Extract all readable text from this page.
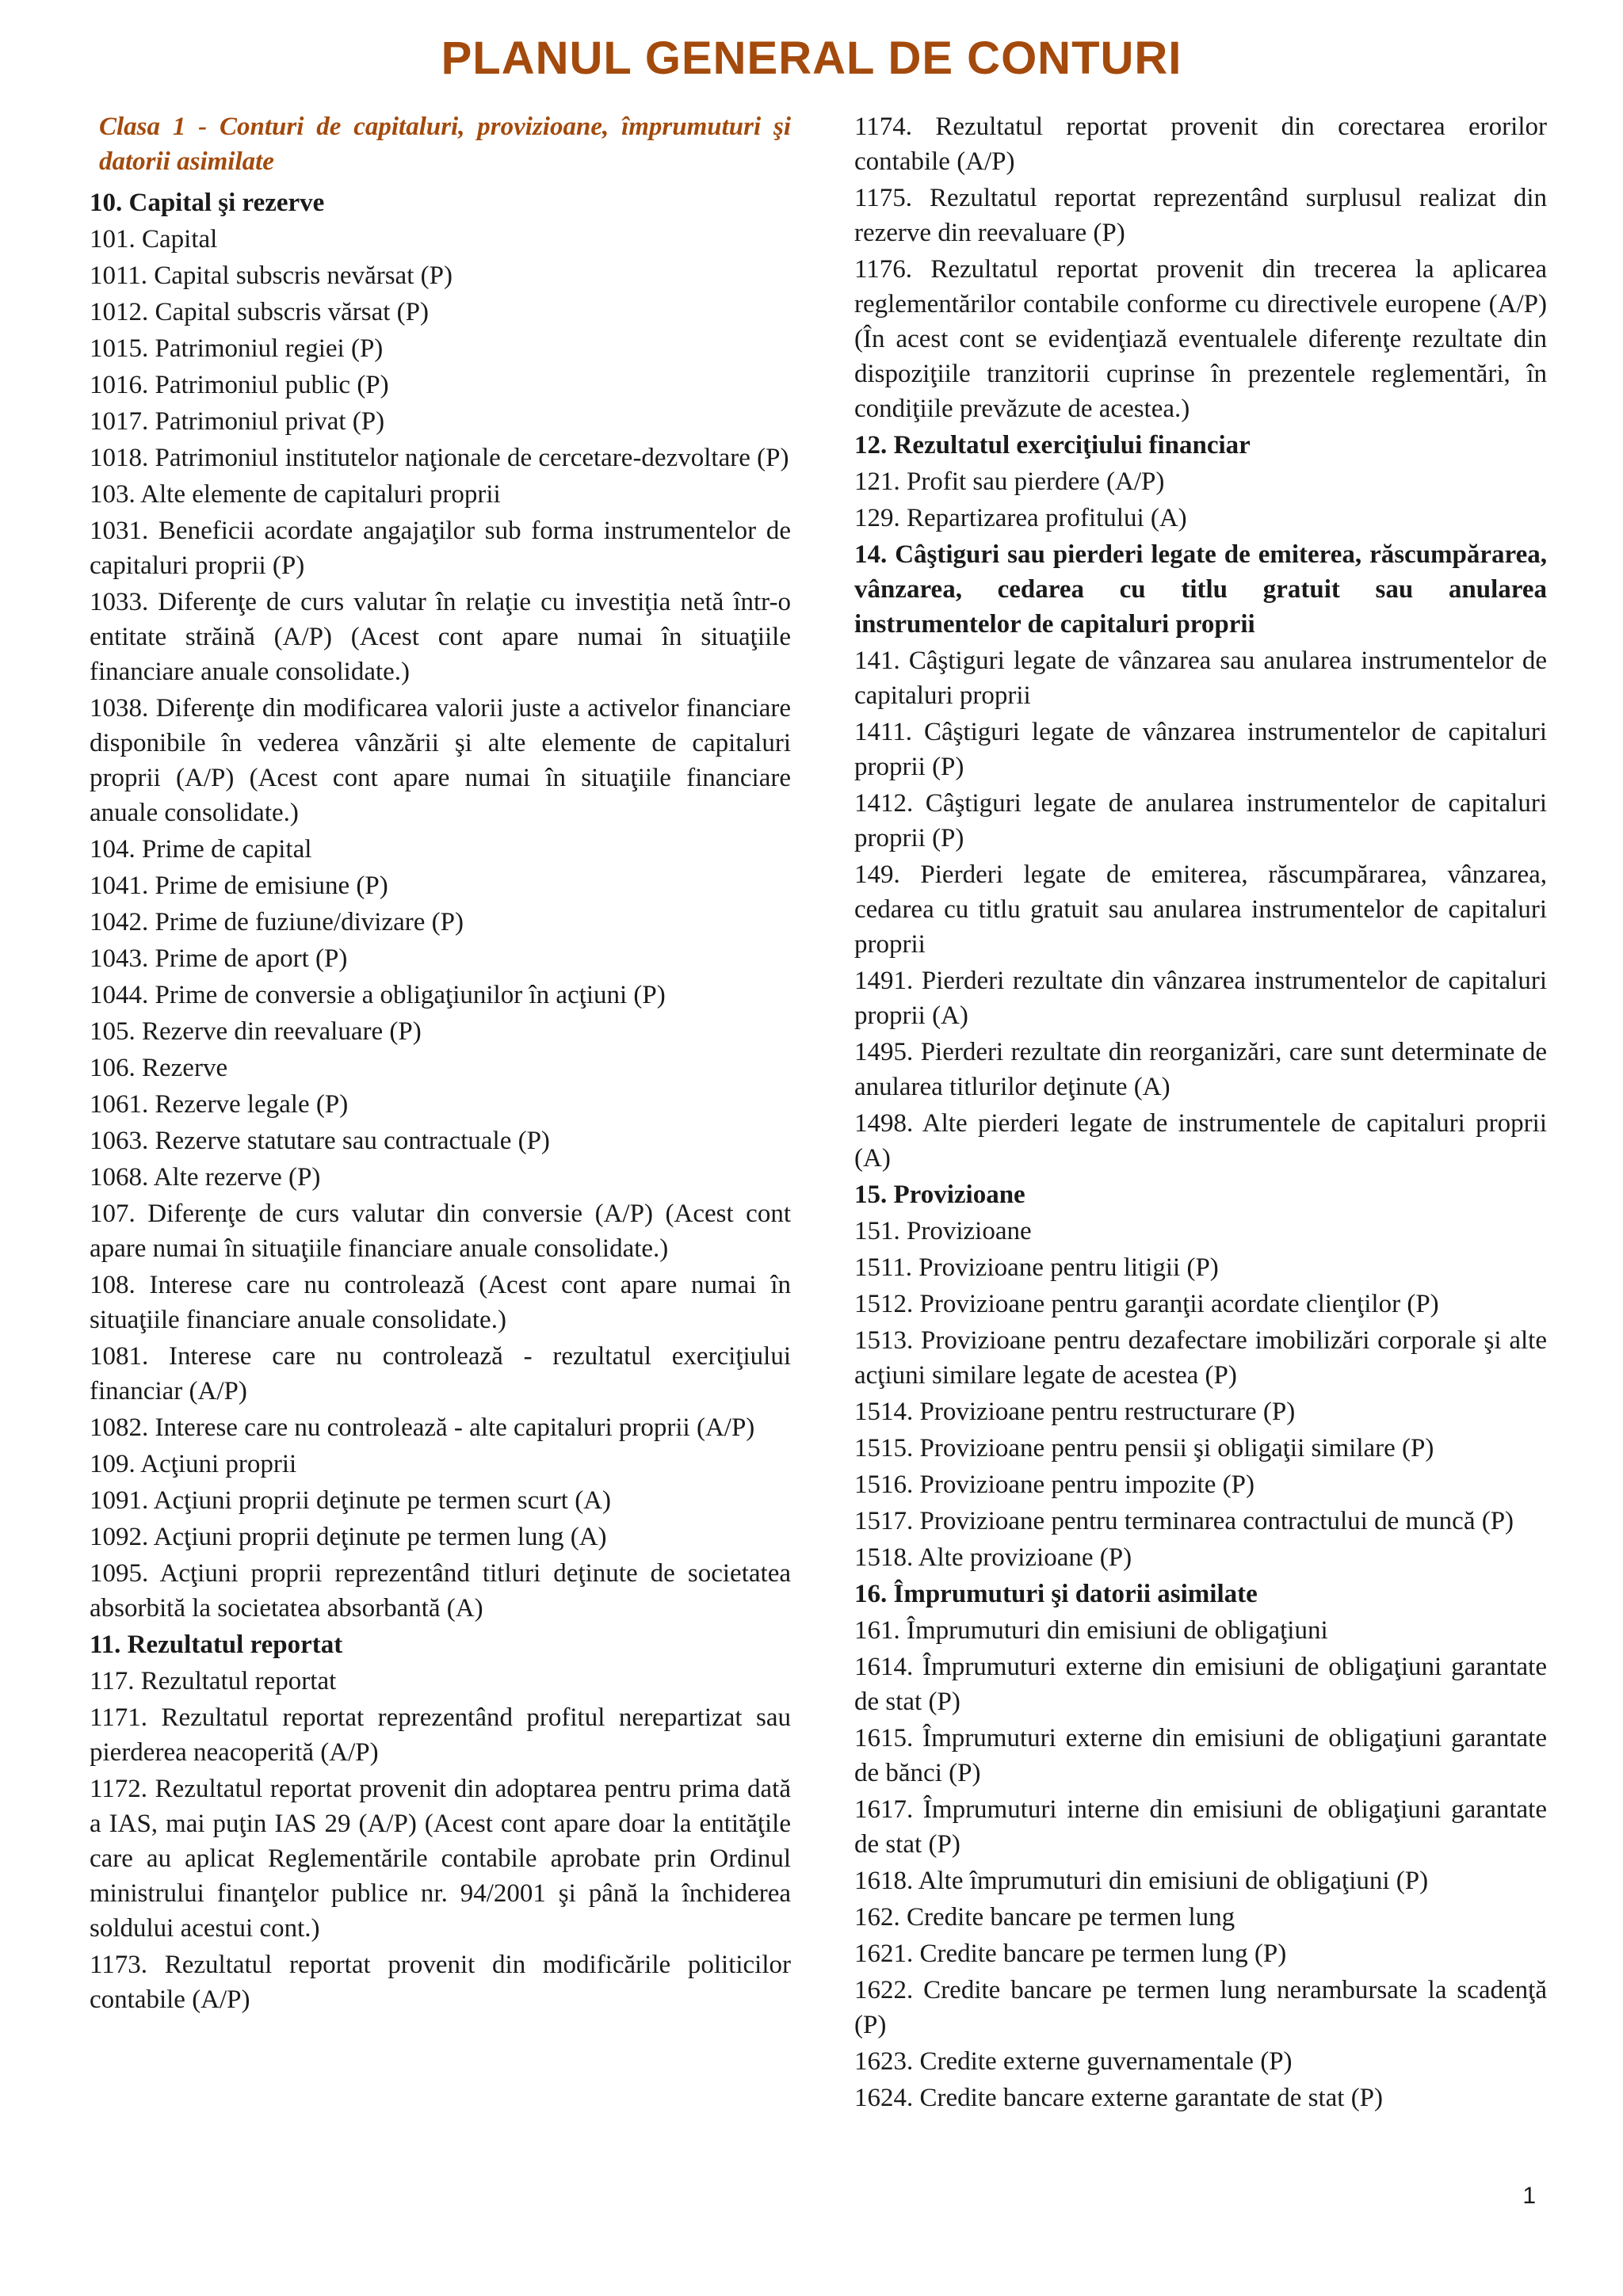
PLANUL GENERAL DE CONTURI
Clasa 1 - Conturi de capitaluri, provizioane, împrumuturi şi datorii asimilate

10. Capital şi rezerve

101. Capital

1011. Capital subscris nevărsat (P)

1012. Capital subscris vărsat (P)

1015. Patrimoniul regiei (P)

1016. Patrimoniul public (P)

1017. Patrimoniul privat (P)

1018. Patrimoniul institutelor naţionale de cercetare-dezvoltare (P)

103. Alte elemente de capitaluri proprii

1031. Beneficii acordate angajaţilor sub forma instrumentelor de capitaluri proprii (P)

1033. Diferenţe de curs valutar în relaţie cu investiţia netă într-o entitate străină (A/P) (Acest cont apare numai în situaţiile financiare anuale consolidate.)

1038. Diferenţe din modificarea valorii juste a activelor financiare disponibile în vederea vânzării şi alte elemente de capitaluri proprii (A/P) (Acest cont apare numai în situaţiile financiare anuale consolidate.)

104. Prime de capital

1041. Prime de emisiune (P)

1042. Prime de fuziune/divizare (P)

1043. Prime de aport (P)

1044. Prime de conversie a obligaţiunilor în acţiuni (P)

105. Rezerve din reevaluare (P)

106. Rezerve

1061. Rezerve legale (P)

1063. Rezerve statutare sau contractuale (P)

1068. Alte rezerve (P)

107. Diferenţe de curs valutar din conversie (A/P) (Acest cont apare numai în situaţiile financiare anuale consolidate.)

108. Interese care nu controlează (Acest cont apare numai în situaţiile financiare anuale consolidate.)

1081. Interese care nu controlează - rezultatul exerciţiului financiar (A/P)

1082. Interese care nu controlează - alte capitaluri proprii (A/P)

109. Acţiuni proprii

1091. Acţiuni proprii deţinute pe termen scurt (A)

1092. Acţiuni proprii deţinute pe termen lung (A)

1095. Acţiuni proprii reprezentând titluri deţinute de societatea absorbită la societatea absorbantă (A)

11. Rezultatul reportat

117. Rezultatul reportat

1171. Rezultatul reportat reprezentând profitul nerepartizat sau pierderea neacoperită (A/P)

1172. Rezultatul reportat provenit din adoptarea pentru prima dată a IAS, mai puţin IAS 29 (A/P) (Acest cont apare doar la entităţile care au aplicat Reglementările contabile aprobate prin Ordinul ministrului finanţelor publice nr. 94/2001 şi până la închiderea soldului acestui cont.)

1173. Rezultatul reportat provenit din modificările politicilor contabile (A/P)

1174. Rezultatul reportat provenit din corectarea erorilor contabile (A/P)

1175. Rezultatul reportat reprezentând surplusul realizat din rezerve din reevaluare (P)

1176. Rezultatul reportat provenit din trecerea la aplicarea reglementărilor contabile conforme cu directivele europene (A/P) (În acest cont se evidenţiază eventualele diferenţe rezultate din dispoziţiile tranzitorii cuprinse în prezentele reglementări, în condiţiile prevăzute de acestea.)

12. Rezultatul exerciţiului financiar

121. Profit sau pierdere (A/P)

129. Repartizarea profitului (A)

14. Câştiguri sau pierderi legate de emiterea, răscumpărarea, vânzarea, cedarea cu titlu gratuit sau anularea instrumentelor de capitaluri proprii

141. Câştiguri legate de vânzarea sau anularea instrumentelor de capitaluri proprii

1411. Câştiguri legate de vânzarea instrumentelor de capitaluri proprii (P)

1412. Câştiguri legate de anularea instrumentelor de capitaluri proprii (P)

149. Pierderi legate de emiterea, răscumpărarea, vânzarea, cedarea cu titlu gratuit sau anularea instrumentelor de capitaluri proprii

1491. Pierderi rezultate din vânzarea instrumentelor de capitaluri proprii (A)

1495. Pierderi rezultate din reorganizări, care sunt determinate de anularea titlurilor deţinute (A)

1498. Alte pierderi legate de instrumentele de capitaluri proprii (A)

15. Provizioane

151. Provizioane

1511. Provizioane pentru litigii (P)

1512. Provizioane pentru garanţii acordate clienţilor (P)

1513. Provizioane pentru dezafectare imobilizări corporale şi alte acţiuni similare legate de acestea (P)

1514. Provizioane pentru restructurare (P)

1515. Provizioane pentru pensii şi obligaţii similare (P)

1516. Provizioane pentru impozite (P)

1517. Provizioane pentru terminarea contractului de muncă (P)

1518. Alte provizioane (P)

16. Împrumuturi şi datorii asimilate

161. Împrumuturi din emisiuni de obligaţiuni

1614. Împrumuturi externe din emisiuni de obligaţiuni garantate de stat (P)

1615. Împrumuturi externe din emisiuni de obligaţiuni garantate de bănci (P)

1617. Împrumuturi interne din emisiuni de obligaţiuni garantate de stat (P)

1618. Alte împrumuturi din emisiuni de obligaţiuni (P)

162. Credite bancare pe termen lung

1621. Credite bancare pe termen lung (P)

1622. Credite bancare pe termen lung nerambursate la scadenţă (P)

1623. Credite externe guvernamentale (P)

1624. Credite bancare externe garantate de stat (P)

1
